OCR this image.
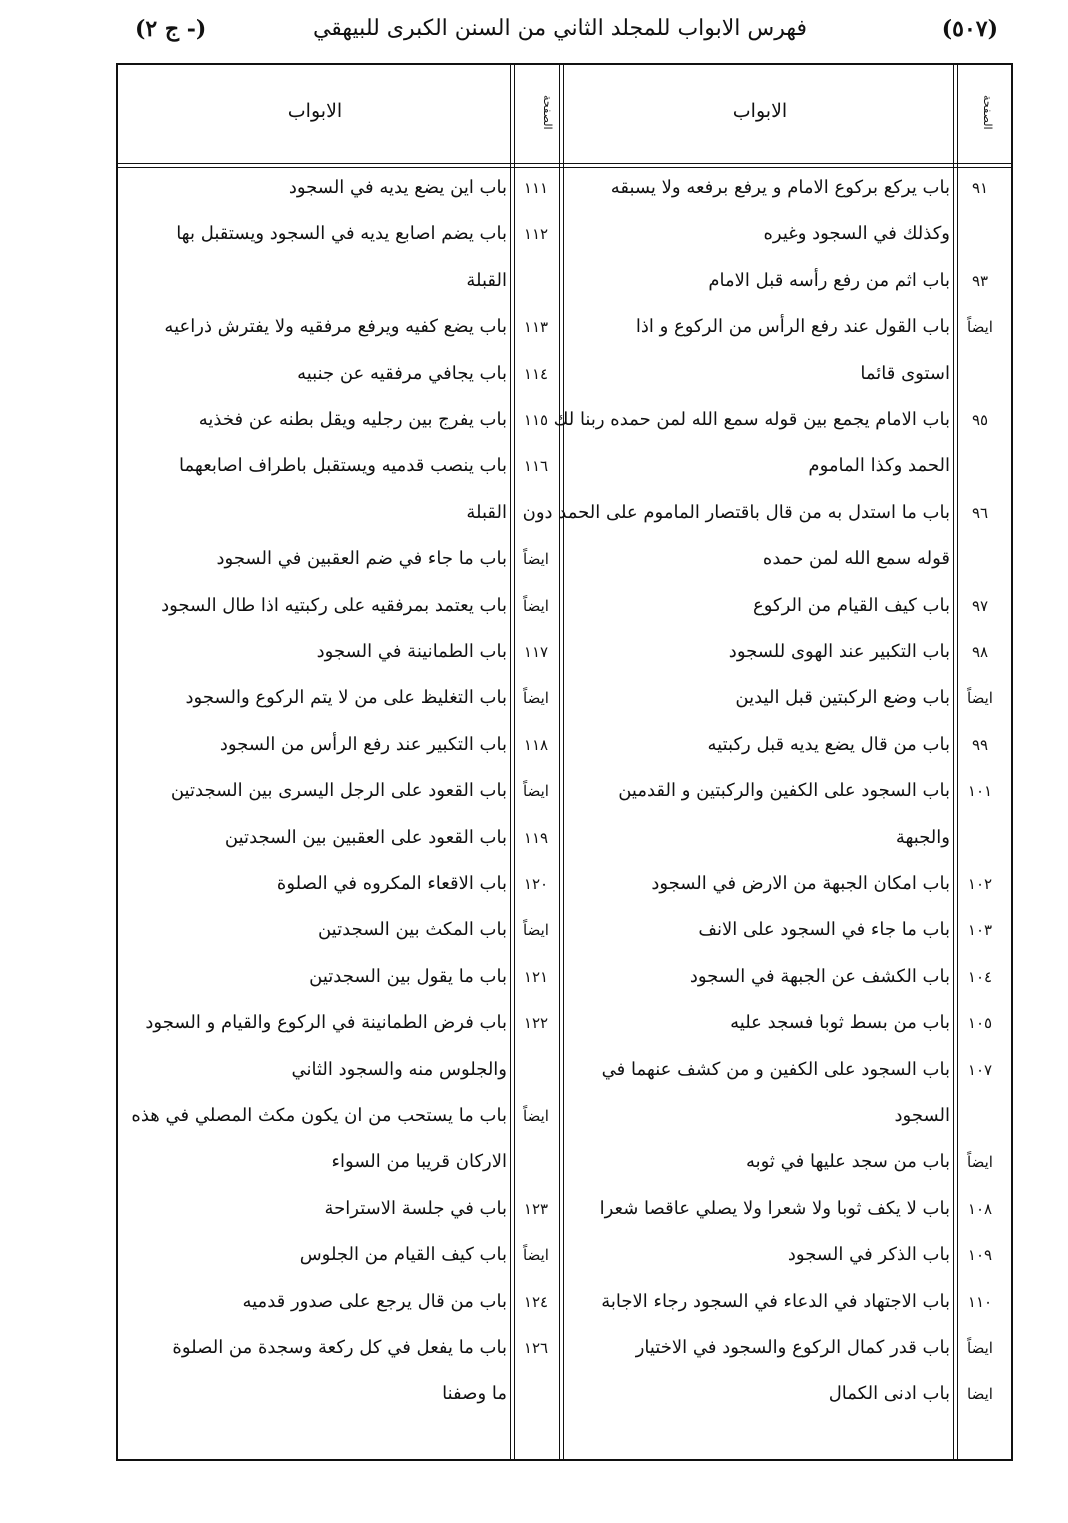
(٥٠٧)
فهرس الابواب للمجلد الثاني من السنن الكبرى للبيهقي
(ج ٢ -)
الصفحة
الابواب
الصفحة
الابواب
٩١
باب يركع بركوع الامام و يرفع برفعه ولا يسبقه
وكذلك في السجود وغيره
٩٣
باب اثم من رفع رأسه قبل الامام
ايضاً
باب القول عند رفع الرأس من الركوع و اذا
استوى قائما
٩٥
باب الامام يجمع بين قوله سمع الله لمن حمده ربنا لك
الحمد وكذا الماموم
٩٦
باب ما استدل به من قال باقتصار الماموم على الحمد دون
قوله سمع الله لمن حمده
٩٧
باب كيف القيام من الركوع
٩٨
باب التكبير عند الهوى للسجود
ايضاً
باب وضع الركبتين قبل اليدين
٩٩
باب من قال يضع يديه قبل ركبتيه
١٠١
باب السجود على الكفين والركبتين و القدمين
والجبهة
١٠٢
باب امكان الجبهة من الارض في السجود
١٠٣
باب ما جاء في السجود على الانف
١٠٤
باب الكشف عن الجبهة في السجود
١٠٥
باب من بسط ثوبا فسجد عليه
١٠٧
باب السجود على الكفين و من كشف عنهما في
السجود
ايضاً
باب من سجد عليها في ثوبه
١٠٨
باب لا يكف ثوبا ولا شعرا ولا يصلي عاقصا شعرا
١٠٩
باب الذكر في السجود
١١٠
باب الاجتهاد في الدعاء في السجود رجاء الاجابة
ايضاً
باب قدر كمال الركوع والسجود في الاختيار
ايضا
باب ادنى الكمال
١١١
باب اين يضع يديه في السجود
١١٢
باب يضم اصابع يديه في السجود ويستقبل بها
القبلة
١١٣
باب يضع كفيه ويرفع مرفقيه ولا يفترش ذراعيه
١١٤
باب يجافي مرفقيه عن جنبيه
١١٥
باب يفرج بين رجليه ويقل بطنه عن فخذيه
١١٦
باب ينصب قدميه ويستقبل باطراف اصابعهما
القبلة
ايضاً
باب ما جاء في ضم العقبين في السجود
ايضاً
باب يعتمد بمرفقيه على ركبتيه اذا طال السجود
١١٧
باب الطمانينة في السجود
ايضاً
باب التغليظ على من لا يتم الركوع والسجود
١١٨
باب التكبير عند رفع الرأس من السجود
ايضاً
باب القعود على الرجل اليسرى بين السجدتين
١١٩
باب القعود على العقبين بين السجدتين
١٢٠
باب الاقعاء المكروه في الصلوة
ايضاً
باب المكث بين السجدتين
١٢١
باب ما يقول بين السجدتين
١٢٢
باب فرض الطمانينة في الركوع والقيام و السجود
والجلوس منه والسجود الثاني
ايضاً
باب ما يستحب من ان يكون مكث المصلي في هذه
الاركان قريبا من السواء
١٢٣
باب في جلسة الاستراحة
ايضاً
باب كيف القيام من الجلوس
١٢٤
باب من قال يرجع على صدور قدميه
١٢٦
باب ما يفعل في كل ركعة وسجدة من الصلوة
ما وصفنا
